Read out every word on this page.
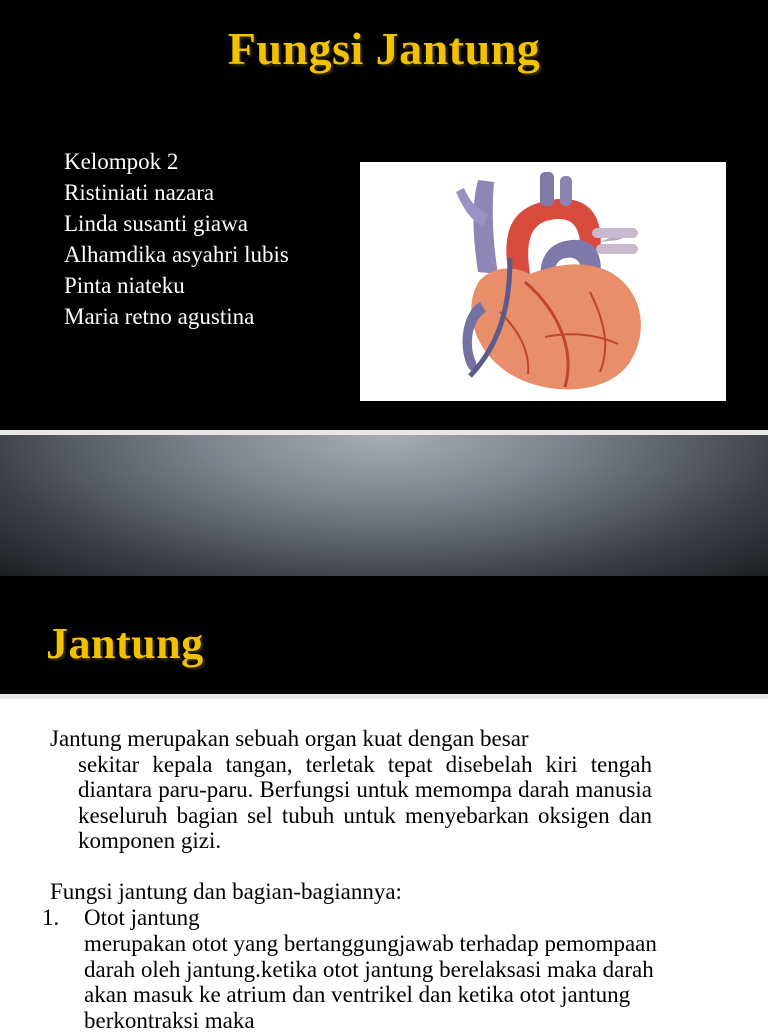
Fungsi Jantung
Kelompok 2
Ristiniati nazara
Linda susanti giawa
Alhamdika asyahri lubis
Pinta niateku
Maria retno agustina
Jantung

Jantung merupakan sebuah organ kuat dengan besar
sekitar kepala tangan, terletak tepat disebelah kiri tengah diantara paru-paru. Berfungsi untuk memompa darah manusia keseluruh bagian sel tubuh untuk menyebarkan oksigen dan komponen gizi.

Fungsi jantung dan bagian-bagiannya:

1. Otot jantung

merupakan otot yang bertanggungjawab terhadap pemompaan darah oleh jantung.ketika otot jantung berelaksasi maka darah akan masuk ke atrium dan ventrikel dan ketika otot jantung berkontraksi maka
